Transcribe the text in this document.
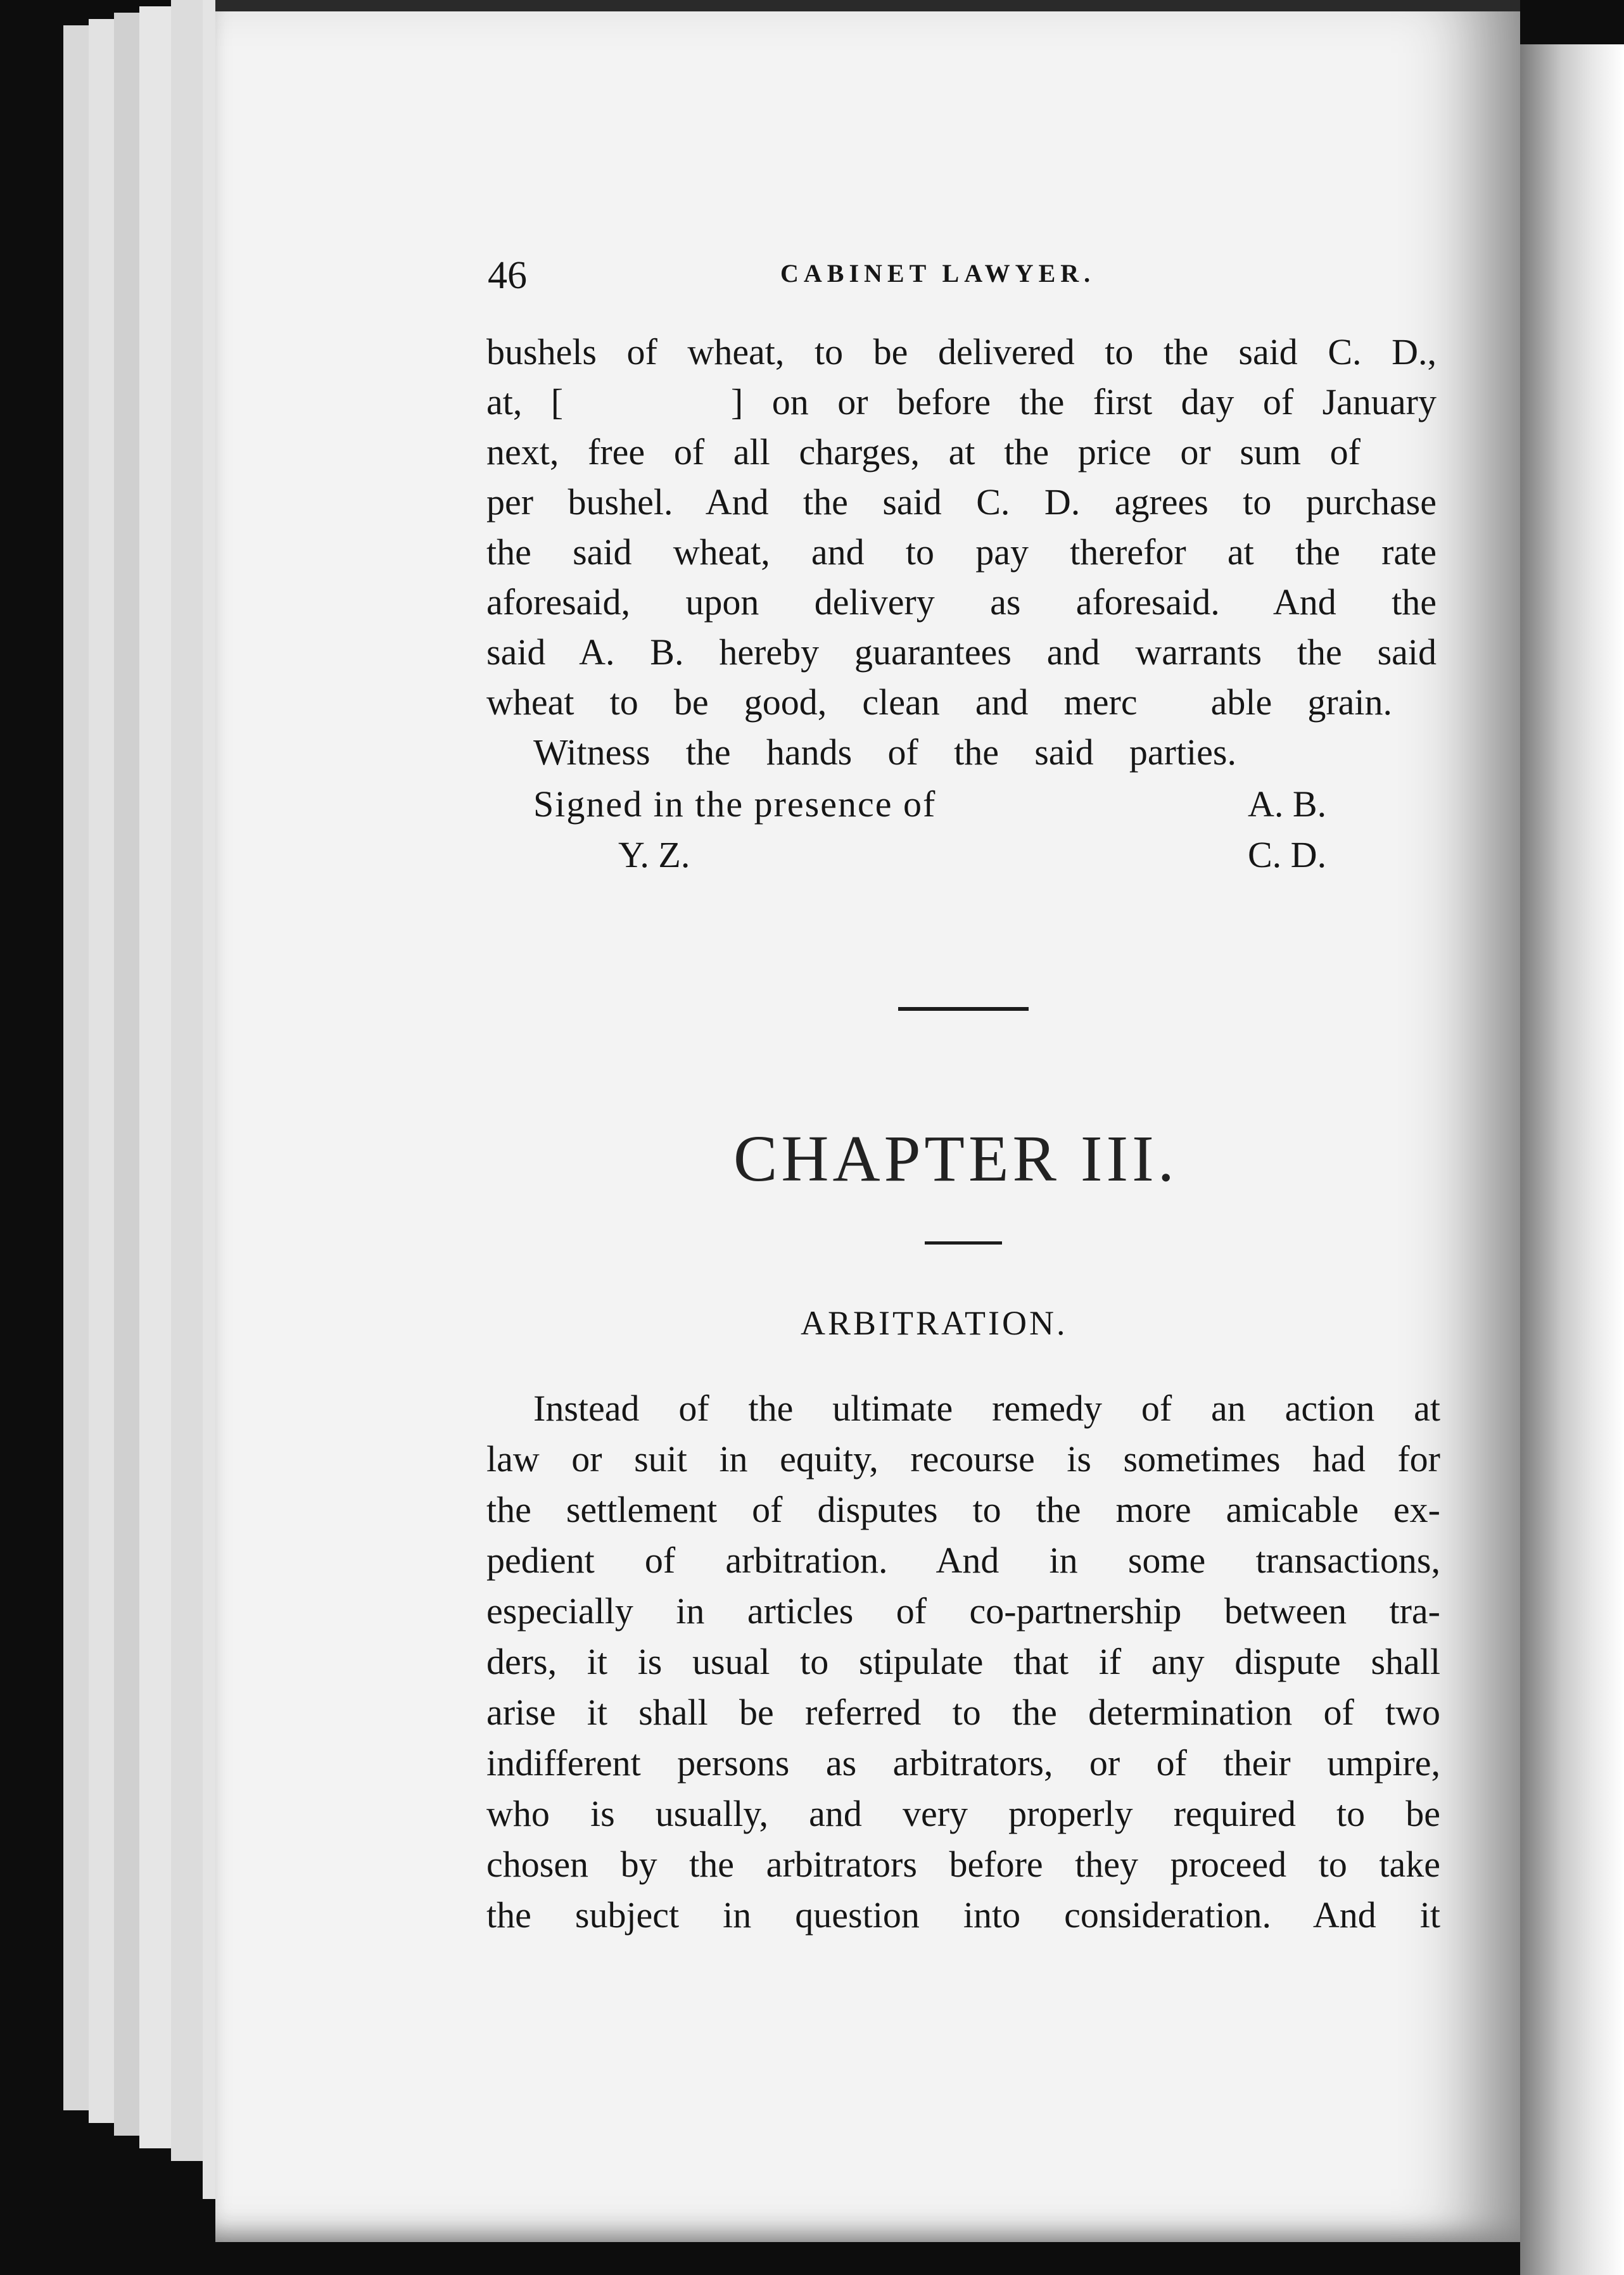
46	CABINET LAWYER.
bushels of wheat, to be delivered to the said C. D.,
at, [     ] on or before the first day of January
next, free of all charges, at the price or sum of
per bushel. And the said C. D. agrees to purchase
the said wheat, and to pay therefor at the rate
aforesaid, upon delivery as aforesaid. And the
said A. B. hereby guarantees and warrants the said
wheat to be good, clean and merc  able grain.
Witness the hands of the said parties.
Signed in the presence of	A. B.
Y. Z.	C. D.
CHAPTER III.
ARBITRATION.
Instead of the ultimate remedy of an action at
law or suit in equity, recourse is sometimes had for
the settlement of disputes to the more amicable ex-
pedient of arbitration. And in some transactions,
especially in articles of co-partnership between tra-
ders, it is usual to stipulate that if any dispute shall
arise it shall be referred to the determination of two
indifferent persons as arbitrators, or of their umpire,
who is usually, and very properly required to be
chosen by the arbitrators before they proceed to take
the subject in question into consideration. And it
